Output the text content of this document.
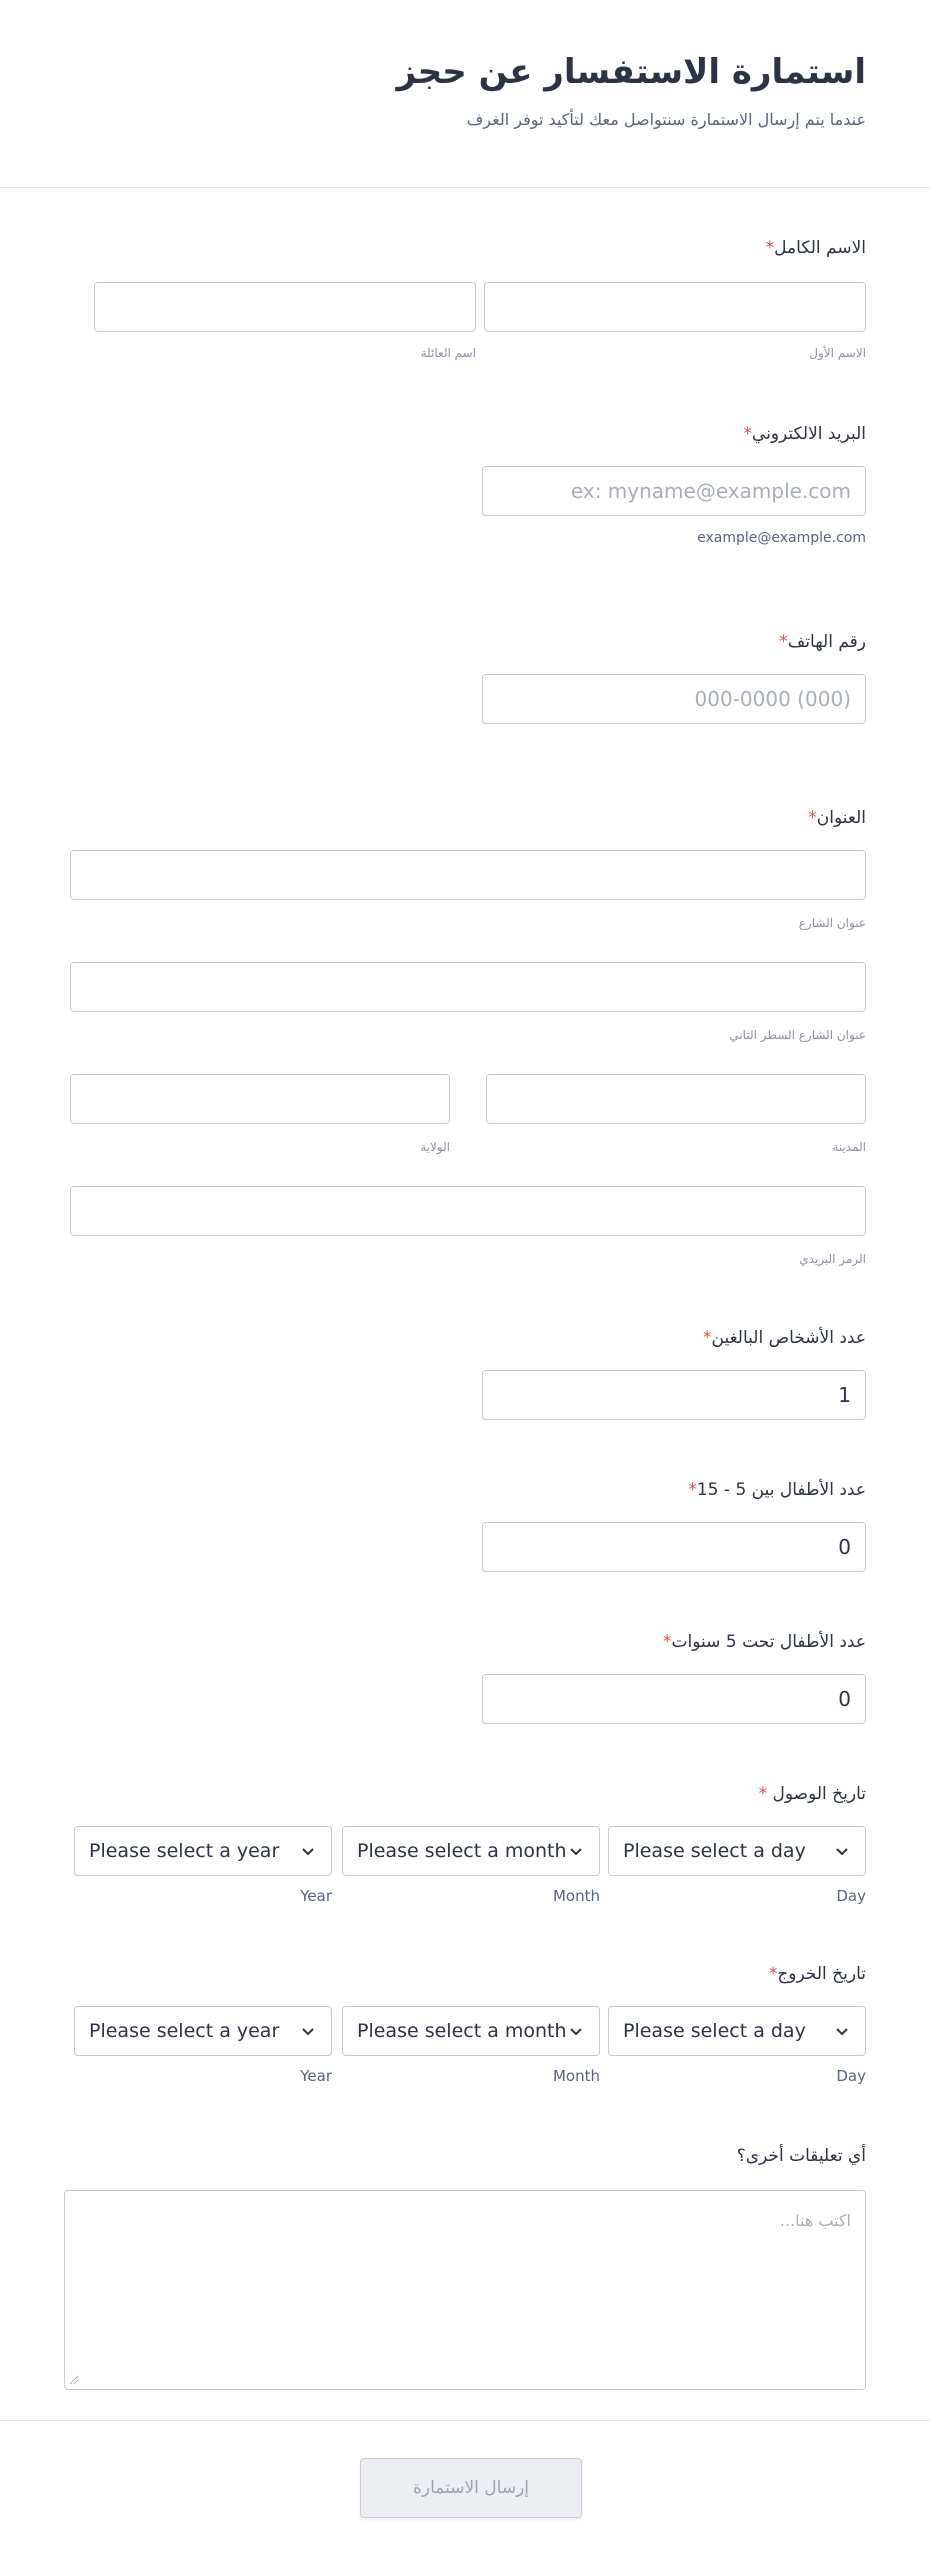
استمارة الاستفسار عن حجز
عندما يتم إرسال الاستمارة سنتواصل معك لتأكيد توفر الغرف
الاسم الكامل*
الاسم الأول
اسم العائلة
البريد الالكتروني*
ex: myname@example.com
example@example.com
رقم الهاتف*
(000) 000-0000
العنوان*
عنوان الشارع
عنوان الشارع السطر الثاني
المدينة
الولاية
الرمز البريدي
عدد الأشخاص البالغين*
1
عدد الأطفال بين 5 - 15*
0
عدد الأطفال تحت 5 سنوات*
0
تاريخ الوصول *
Please select a year	Please select a month	Please select a day
Year	Month	Day
تاريخ الخروج*
Please select a year	Please select a month	Please select a day
Year	Month	Day
أي تعليقات أخرى؟
اكتب هنا...
إرسال الاستمارة
